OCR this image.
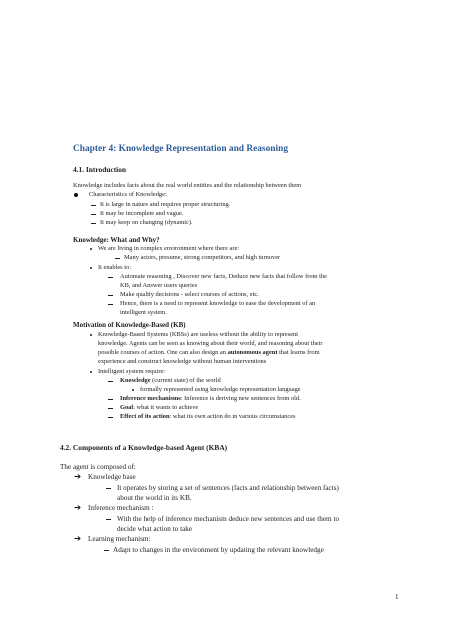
Chapter 4: Knowledge Representation and Reasoning
4.1. Introduction
Knowledge includes facts about the real world entities and the relationship between them
Characteristics of Knowledge:
It is large in nature and requires proper structuring.
It may be incomplete and vague.
It may keep on changing (dynamic).
Knowledge: What and Why?
We are living in complex environment where there are:
Many actors, presume, strong competitors, and high turnover
It enables to:
Automate reasoning , Discover new facts, Deduce new facts that follow from the
KB, and Answer users queries
Make quality decisions - select courses of actions, etc.
Hence, there is a need to represent knowledge to ease the development of an
intelligent system.
Motivation of Knowledge-Based (KB)
Knowledge-Based Systems (KBSs) are useless without the ability to represent
knowledge. Agents can be seen as knowing about their world, and reasoning about their
possible courses of action. One can also design an autonomous agent that learns from
experience and construct knowledge without human interventions
Intelligent system require:
Knowledge (current state) of the world
formally represented using knowledge representation language
Inference mechanisms: Inference is deriving new sentences from old.
Goal: what it wants to achieve
Effect of its action: what its own action do in various circumstances
4.2. Components of a Knowledge-based Agent (KBA)
The agent is composed of:
➔ Knowledge base
It operates by storing a set of sentences (facts and relationship between facts)
about the world in its KB.
➔ Inference mechanism :
With the help of inference mechanism deduce new sentences and use them to
decide what action to take
➔ Learning mechanism:
Adapt to changes in the environment by updating the relevant knowledge
1
